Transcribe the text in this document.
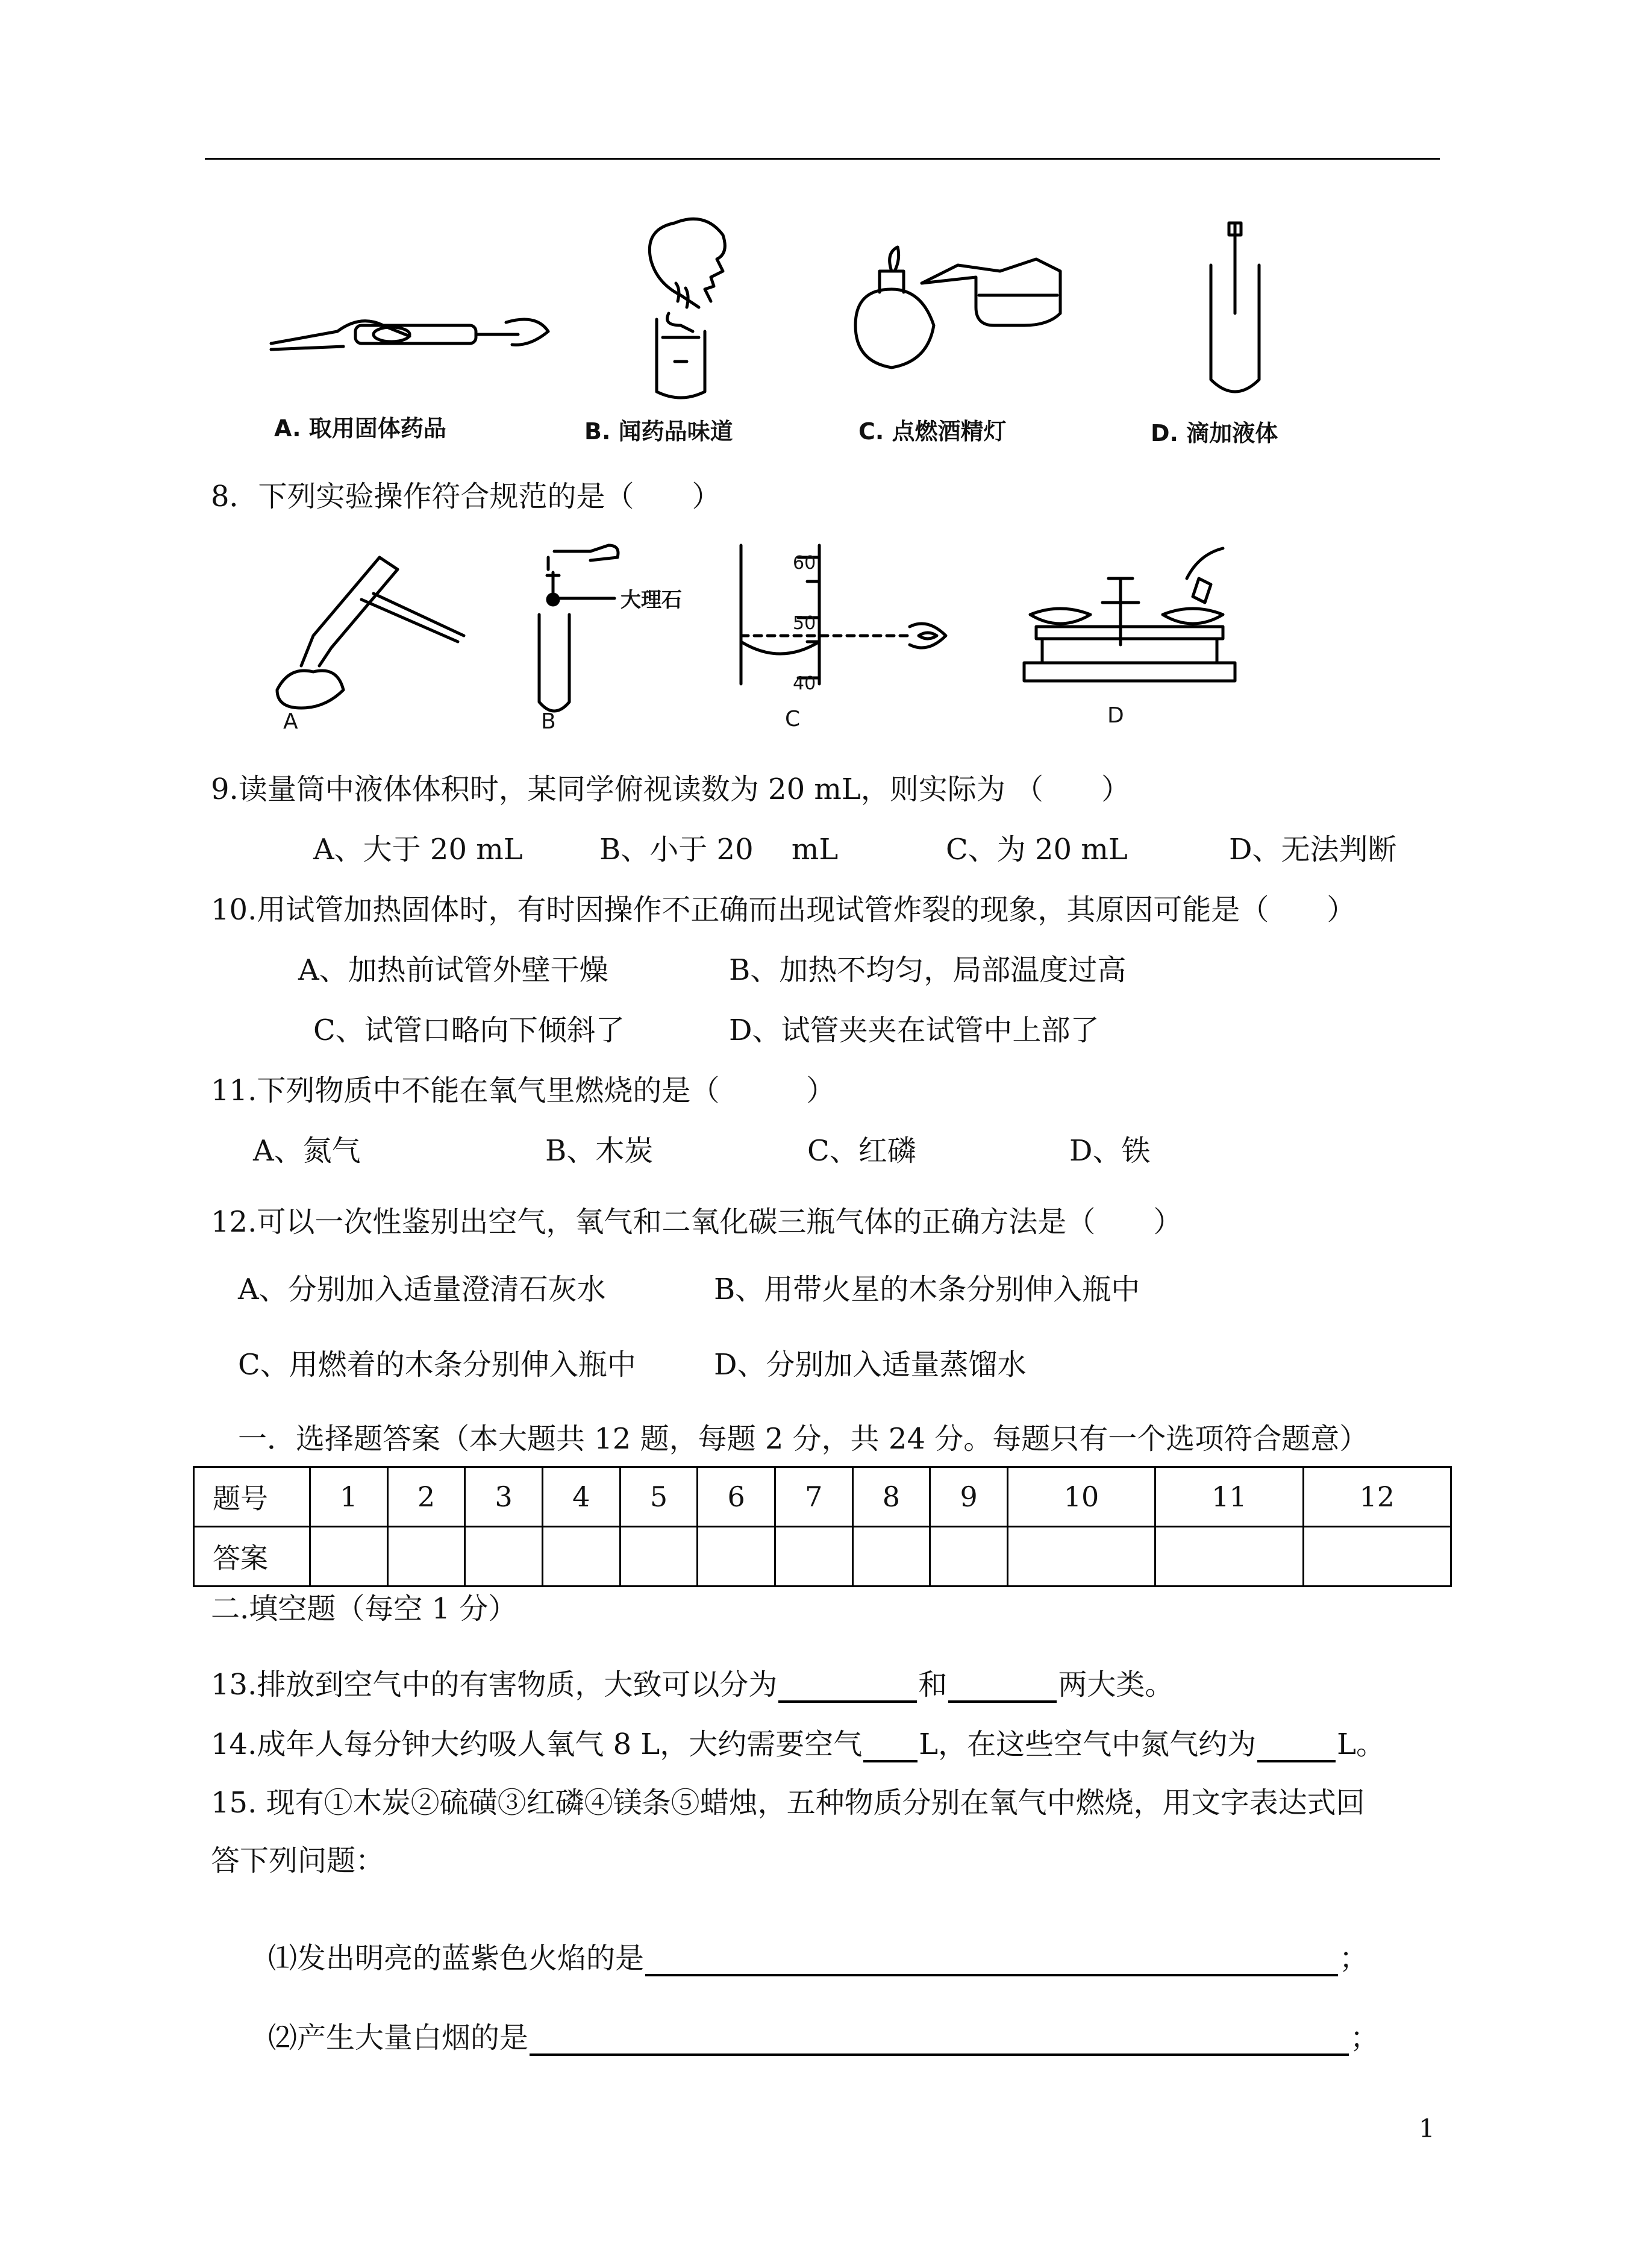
A. 取用固体药品	B. 闻药品味道	C. 点燃酒精灯	D. 滴加液体
8．下列实验操作符合规范的是（　　）
A	B
大理石
60
50
40
C	D
9.读量筒中液体体积时，某同学俯视读数为 20 mL，则实际为 （　　）
A、大于 20 mL	B、小于 20　 mL	C、为 20 mL	D、无法判断
10.用试管加热固体时，有时因操作不正确而出现试管炸裂的现象，其原因可能是（　　）
A、加热前试管外壁干燥	B、加热不均匀，局部温度过高
C、试管口略向下倾斜了	D、试管夹夹在试管中上部了
11.下列物质中不能在氧气里燃烧的是（　　　）
A、氮气	B、木炭	C、红磷	D、铁
12.可以一次性鉴别出空气，氧气和二氧化碳三瓶气体的正确方法是（　　）
A、分别加入适量澄清石灰水	B、用带火星的木条分别伸入瓶中
C、用燃着的木条分别伸入瓶中	D、分别加入适量蒸馏水
一．选择题答案（本大题共 12 题，每题 2 分，共 24 分。每题只有一个选项符合题意）
题号	1	2	3	4	5	6	7	8	9	10	11	12
答案												
二.填空题（每空 1 分）
13.排放到空气中的有害物质，大致可以分为	和	两大类。
14.成年人每分钟大约吸人氧气 8 L，大约需要空气 L，在这些空气中氮气约为	L。
15. 现有①木炭②硫磺③红磷④镁条⑤蜡烛，五种物质分别在氧气中燃烧，用文字表达式回
答下列问题：
⑴发出明亮的蓝紫色火焰的是	；
⑵产生大量白烟的是	；
1
